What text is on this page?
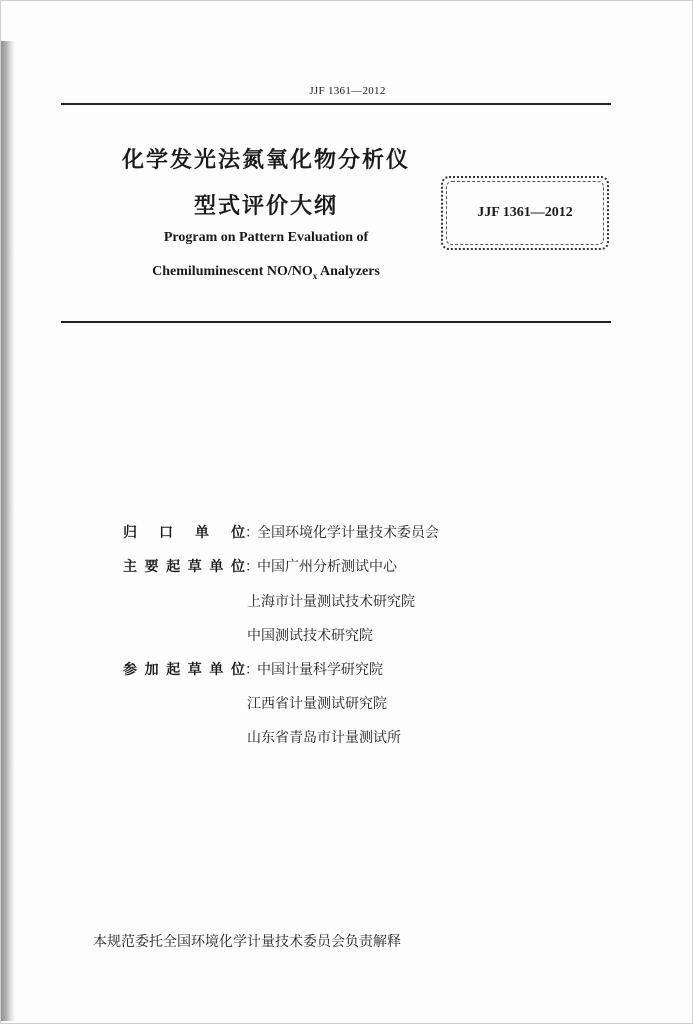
JJF 1361—2012
化学发光法氮氧化物分析仪
型式评价大纲
Program on Pattern Evaluation of
Chemiluminescent $NO/NO_x$ Analyzers
JJF 1361—2012
归口单位 ：
全国环境化学计量技术委员会
主要起草单位 ：
中国广州分析测试中心
上海市计量测试技术研究院
中国测试技术研究院
参加起草单位 ：
中国计量科学研究院
江西省计量测试研究院
山东省青岛市计量测试所
本规范委托全国环境化学计量技术委员会负责解释
